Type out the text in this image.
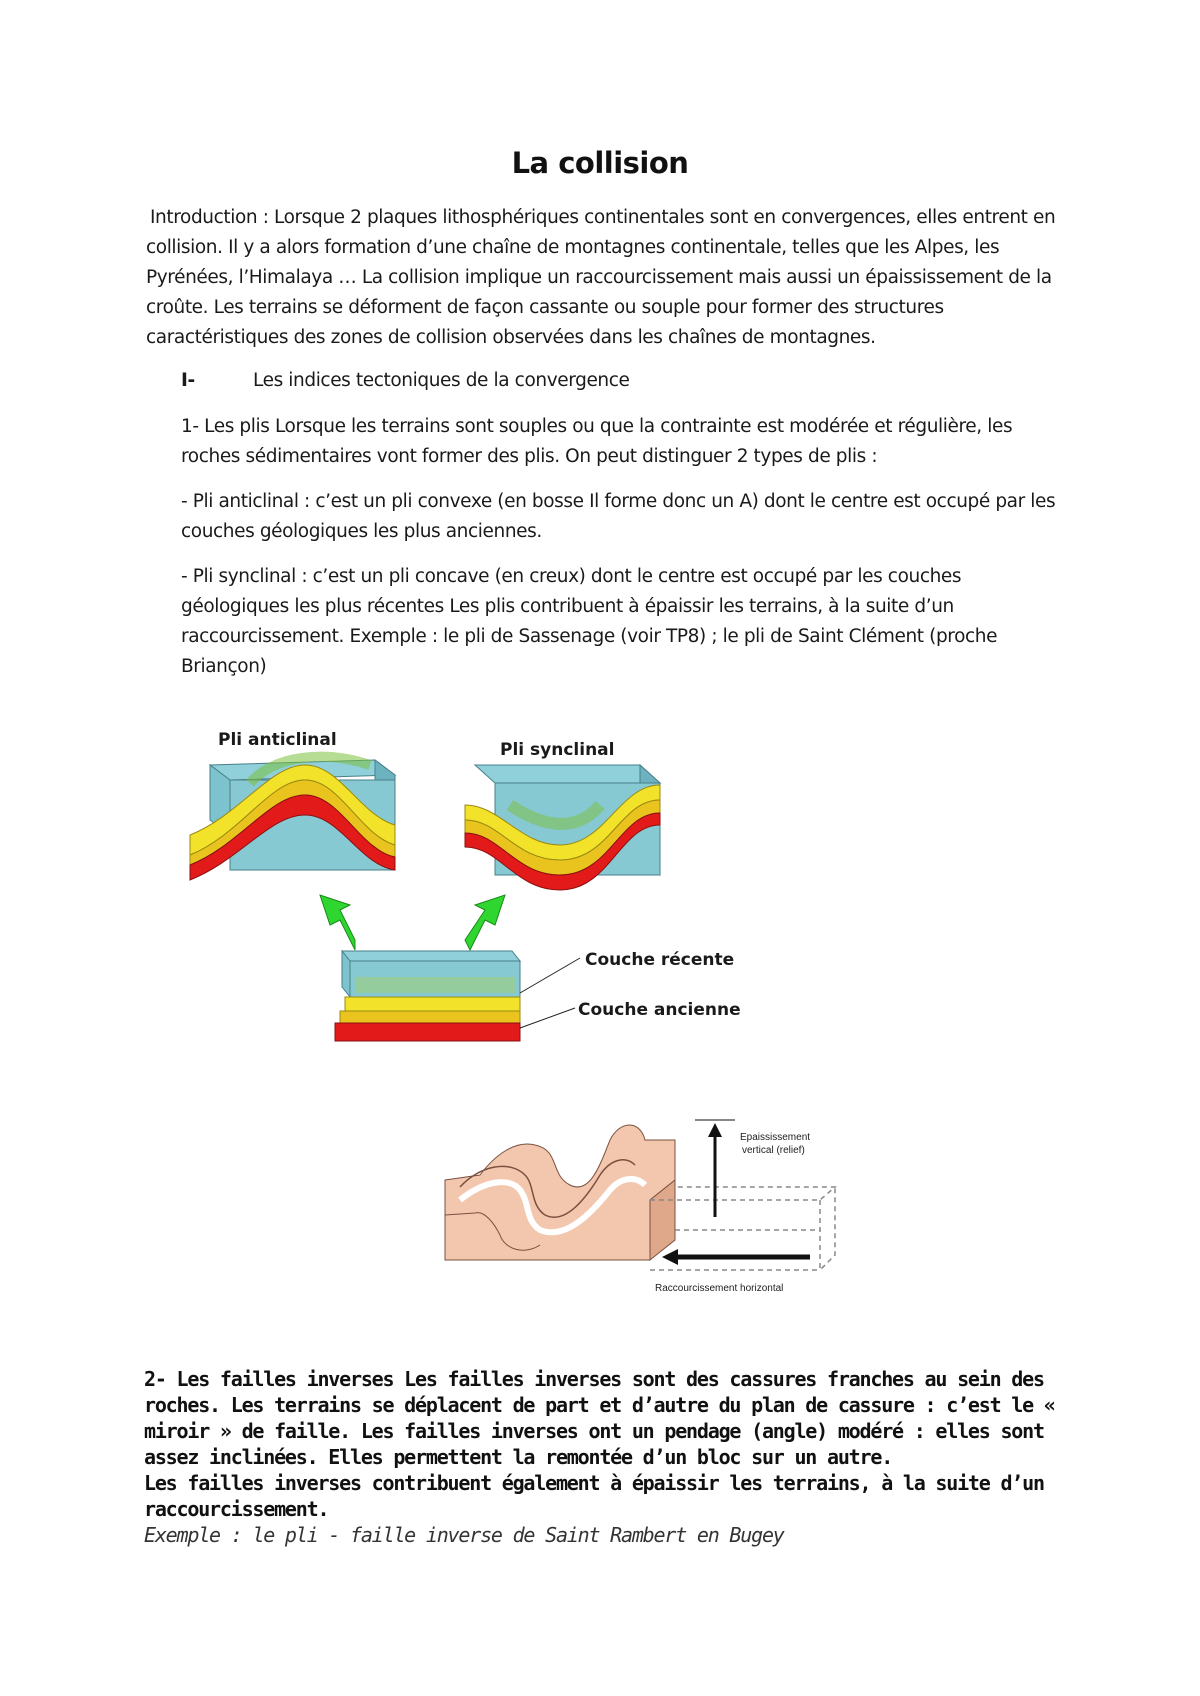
La collision
Introduction : Lorsque 2 plaques lithosphériques continentales sont en convergences, elles entrent en collision. Il y a alors formation d’une chaîne de montagnes continentale, telles que les Alpes, les Pyrénées, l’Himalaya … La collision implique un raccourcissement mais aussi un épaississement de la croûte. Les terrains se déforment de façon cassante ou souple pour former des structures caractéristiques des zones de collision observées dans les chaînes de montagnes.
I-	Les indices tectoniques de la convergence
1- Les plis Lorsque les terrains sont souples ou que la contrainte est modérée et régulière, les roches sédimentaires vont former des plis. On peut distinguer 2 types de plis :
- Pli anticlinal : c’est un pli convexe (en bosse Il forme donc un A) dont le centre est occupé par les couches géologiques les plus anciennes.
- Pli synclinal : c’est un pli concave (en creux) dont le centre est occupé par les couches géologiques les plus récentes Les plis contribuent à épaissir les terrains, à la suite d’un raccourcissement. Exemple : le pli de Sassenage (voir TP8) ; le pli de Saint Clément (proche Briançon)
Pli anticlinal	Pli synclinal
Couche récente
Couche ancienne
Epaississement
vertical (relief)
Raccourcissement horizontal

2- Les failles inverses Les failles inverses sont des cassures franches au sein des roches. Les terrains se déplacent de part et d’autre du plan de cassure : c’est le « miroir » de faille. Les failles inverses ont un pendage (angle) modéré : elles sont assez inclinées. Elles permettent la remontée d’un bloc sur un autre.

Les failles inverses contribuent également à épaissir les terrains, à la suite d’un raccourcissement.

Exemple : le pli - faille inverse de Saint Rambert en Bugey
